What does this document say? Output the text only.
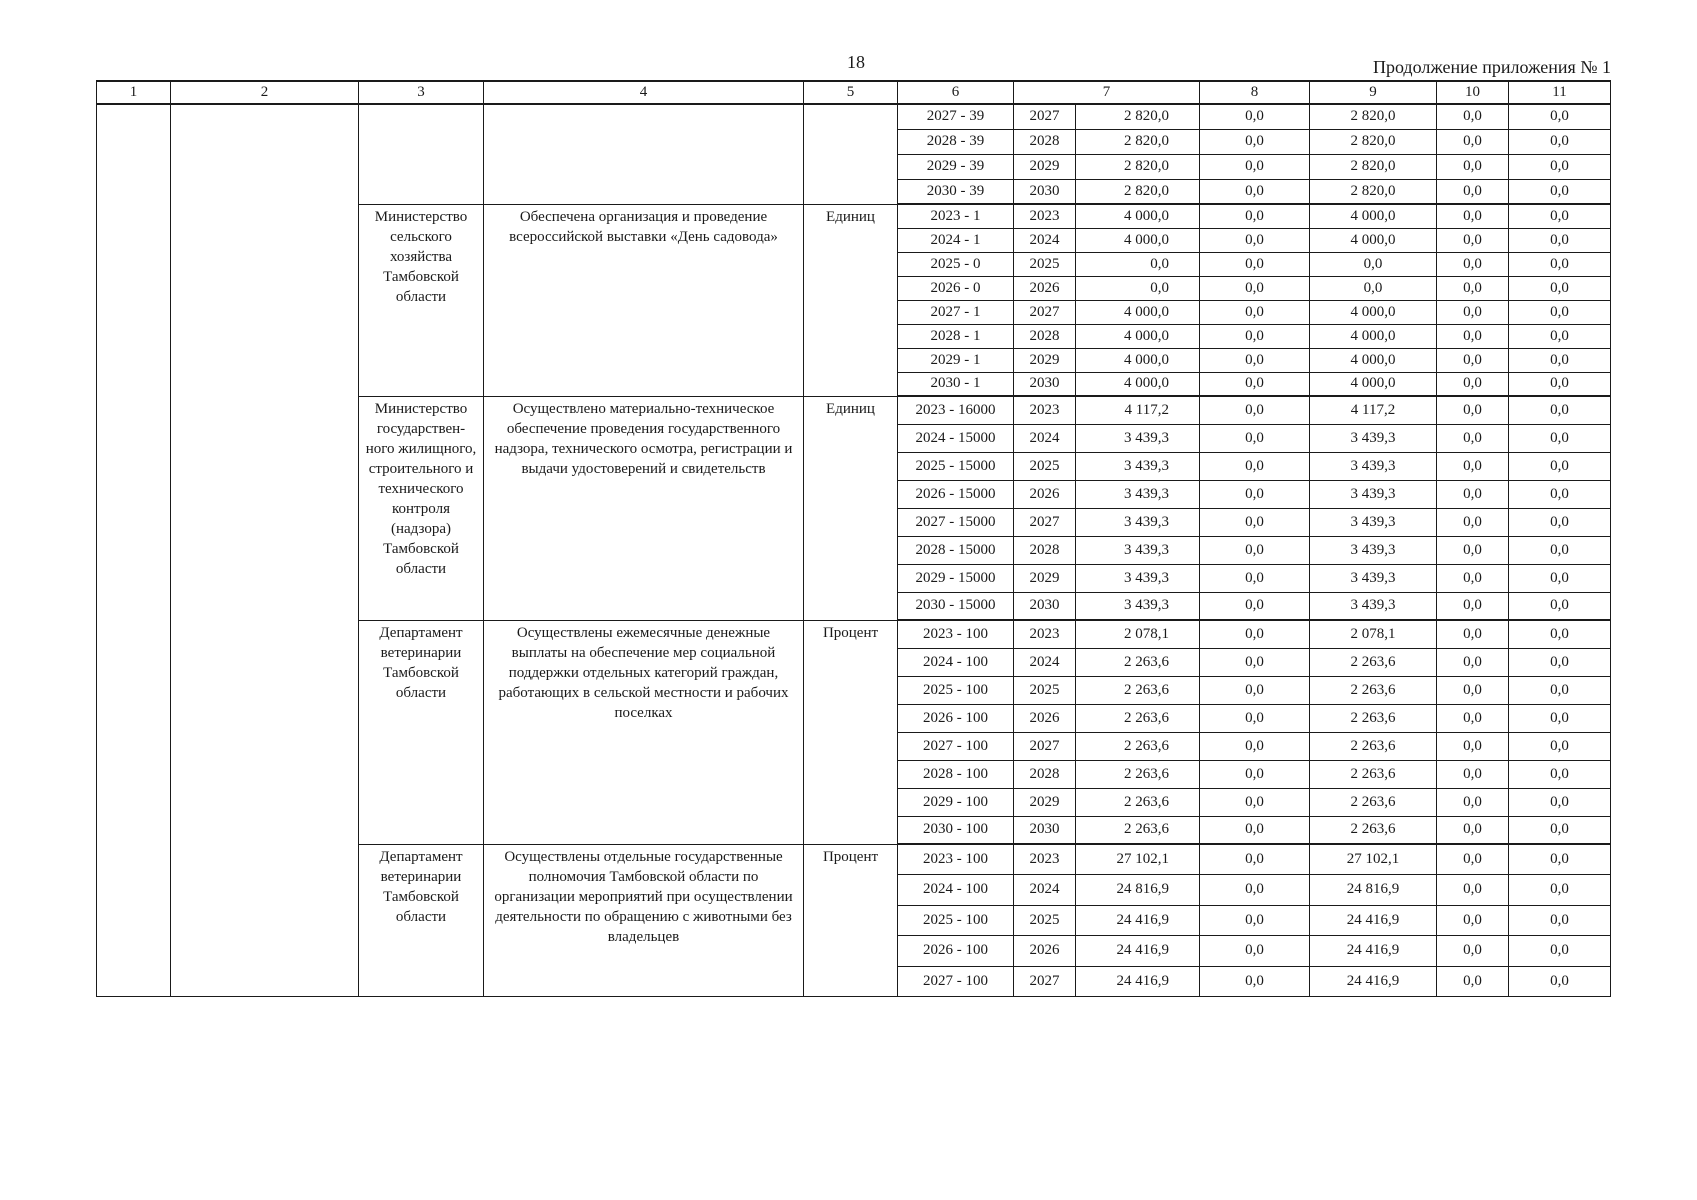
18	Продолжение приложения № 1
1	2	3	4	5	6	7		8	9	10	11
					2027 - 39	2027	2 820,0	0,0	2 820,0	0,0	0,0
					2028 - 39	2028	2 820,0	0,0	2 820,0	0,0	0,0
					2029 - 39	2029	2 820,0	0,0	2 820,0	0,0	0,0
					2030 - 39	2030	2 820,0	0,0	2 820,0	0,0	0,0
		Министерство сельского хозяйства Тамбовской области	Обеспечена организация и проведение всероссийской выставки «День садовода»	Единиц	2023 - 1	2023	4 000,0	0,0	4 000,0	0,0	0,0
					2024 - 1	2024	4 000,0	0,0	4 000,0	0,0	0,0
					2025 - 0	2025	0,0	0,0	0,0	0,0	0,0
					2026 - 0	2026	0,0	0,0	0,0	0,0	0,0
					2027 - 1	2027	4 000,0	0,0	4 000,0	0,0	0,0
					2028 - 1	2028	4 000,0	0,0	4 000,0	0,0	0,0
					2029 - 1	2029	4 000,0	0,0	4 000,0	0,0	0,0
					2030 - 1	2030	4 000,0	0,0	4 000,0	0,0	0,0
		Министерство государствен-ного жилищного, строительного и технического контроля (надзора) Тамбовской области	Осуществлено материально-техническое обеспечение проведения государственного надзора, технического осмотра, регистрации и выдачи удостоверений и свидетельств	Единиц	2023 - 16000	2023	4 117,2	0,0	4 117,2	0,0	0,0
					2024 - 15000	2024	3 439,3	0,0	3 439,3	0,0	0,0
					2025 - 15000	2025	3 439,3	0,0	3 439,3	0,0	0,0
					2026 - 15000	2026	3 439,3	0,0	3 439,3	0,0	0,0
					2027 - 15000	2027	3 439,3	0,0	3 439,3	0,0	0,0
					2028 - 15000	2028	3 439,3	0,0	3 439,3	0,0	0,0
					2029 - 15000	2029	3 439,3	0,0	3 439,3	0,0	0,0
					2030 - 15000	2030	3 439,3	0,0	3 439,3	0,0	0,0
		Департамент ветеринарии Тамбовской области	Осуществлены ежемесячные денежные выплаты на обеспечение мер социальной поддержки отдельных категорий граждан, работающих в сельской местности и рабочих поселках	Процент	2023 - 100	2023	2 078,1	0,0	2 078,1	0,0	0,0
					2024 - 100	2024	2 263,6	0,0	2 263,6	0,0	0,0
					2025 - 100	2025	2 263,6	0,0	2 263,6	0,0	0,0
					2026 - 100	2026	2 263,6	0,0	2 263,6	0,0	0,0
					2027 - 100	2027	2 263,6	0,0	2 263,6	0,0	0,0
					2028 - 100	2028	2 263,6	0,0	2 263,6	0,0	0,0
					2029 - 100	2029	2 263,6	0,0	2 263,6	0,0	0,0
					2030 - 100	2030	2 263,6	0,0	2 263,6	0,0	0,0
		Департамент ветеринарии Тамбовской области	Осуществлены отдельные государственные полномочия Тамбовской области по организации мероприятий при осуществлении деятельности по обращению с животными без владельцев	Процент	2023 - 100	2023	27 102,1	0,0	27 102,1	0,0	0,0
					2024 - 100	2024	24 816,9	0,0	24 816,9	0,0	0,0
					2025 - 100	2025	24 416,9	0,0	24 416,9	0,0	0,0
					2026 - 100	2026	24 416,9	0,0	24 416,9	0,0	0,0
					2027 - 100	2027	24 416,9	0,0	24 416,9	0,0	0,0
